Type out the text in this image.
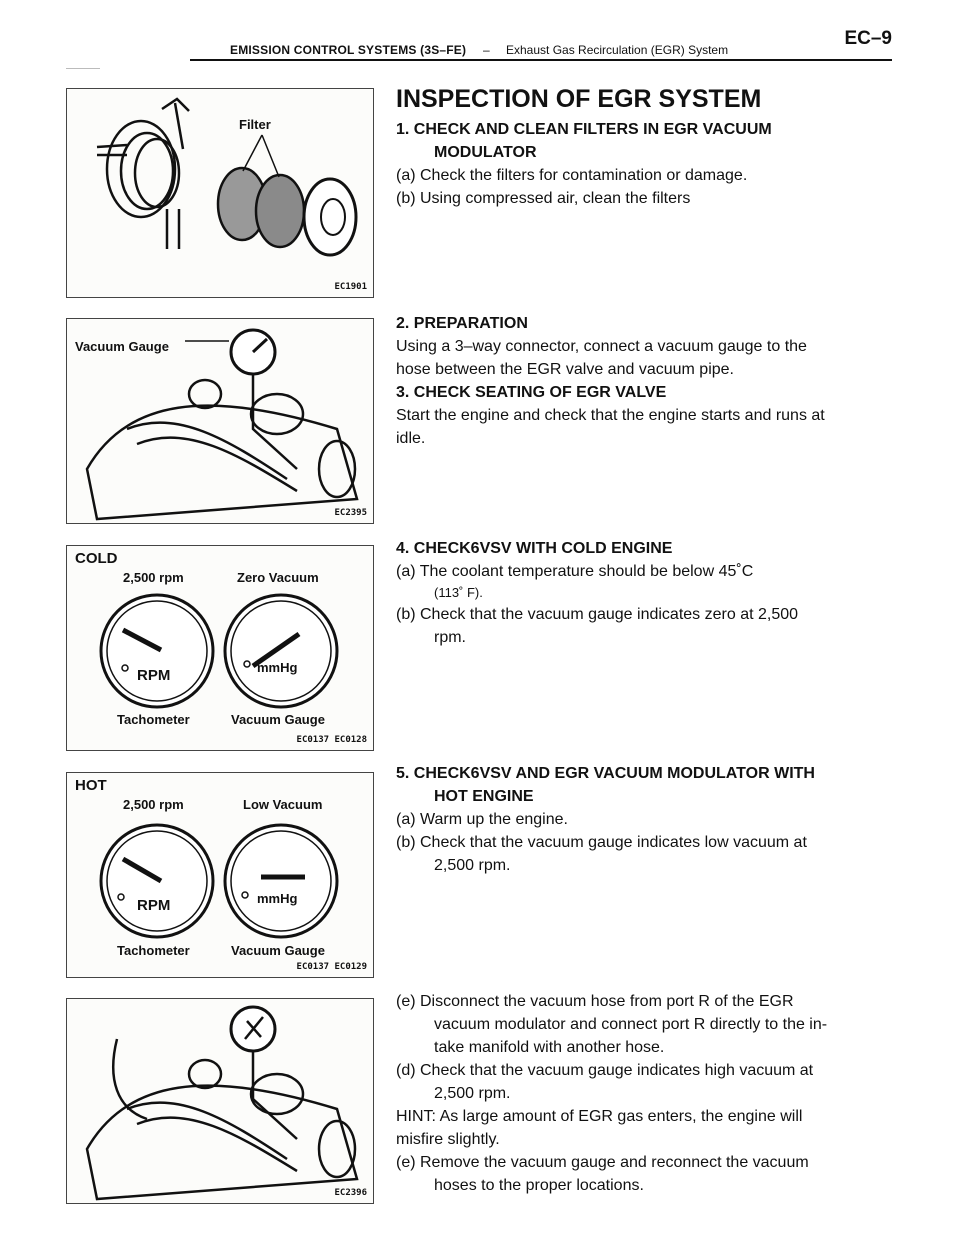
EMISSION CONTROL SYSTEMS (3S–FE) – Exhaust Gas Recirculation (EGR) System
EC–9
Filter
EC1901
Vacuum Gauge
EC2395
COLD
2,500 rpm	Zero Vacuum
RPM	mmHg
Tachometer	Vacuum Gauge
EC0137 EC0128
HOT
2,500 rpm	Low Vacuum
RPM	mmHg
Tachometer	Vacuum Gauge
EC0137 EC0129
EC2396

INSPECTION OF EGR SYSTEM

1. CHECK AND CLEAN FILTERS IN EGR VACUUM

MODULATOR

(a) Check the filters for contamination or damage.

(b) Using compressed air, clean the filters

2. PREPARATION

Using a 3–way connector, connect a vacuum gauge to the

hose between the EGR valve and vacuum pipe.

3. CHECK SEATING OF EGR VALVE

Start the engine and check that the engine starts and runs at

idle.

4. CHECK6VSV WITH COLD ENGINE

(a) The coolant temperature should be below 45˚C

(113˚ F).

(b) Check that the vacuum gauge indicates zero at 2,500

rpm.

5. CHECK6VSV AND EGR VACUUM MODULATOR WITH

HOT ENGINE

(a) Warm up the engine.

(b) Check that the vacuum gauge indicates low vacuum at

2,500 rpm.

(e) Disconnect the vacuum hose from port R of the EGR

vacuum modulator and connect port R directly to the in-

take manifold with another hose.

(d) Check that the vacuum gauge indicates high vacuum at

2,500 rpm.

HINT: As large amount of EGR gas enters, the engine will

misfire slightly.

(e) Remove the vacuum gauge and reconnect the vacuum

hoses to the proper locations.
